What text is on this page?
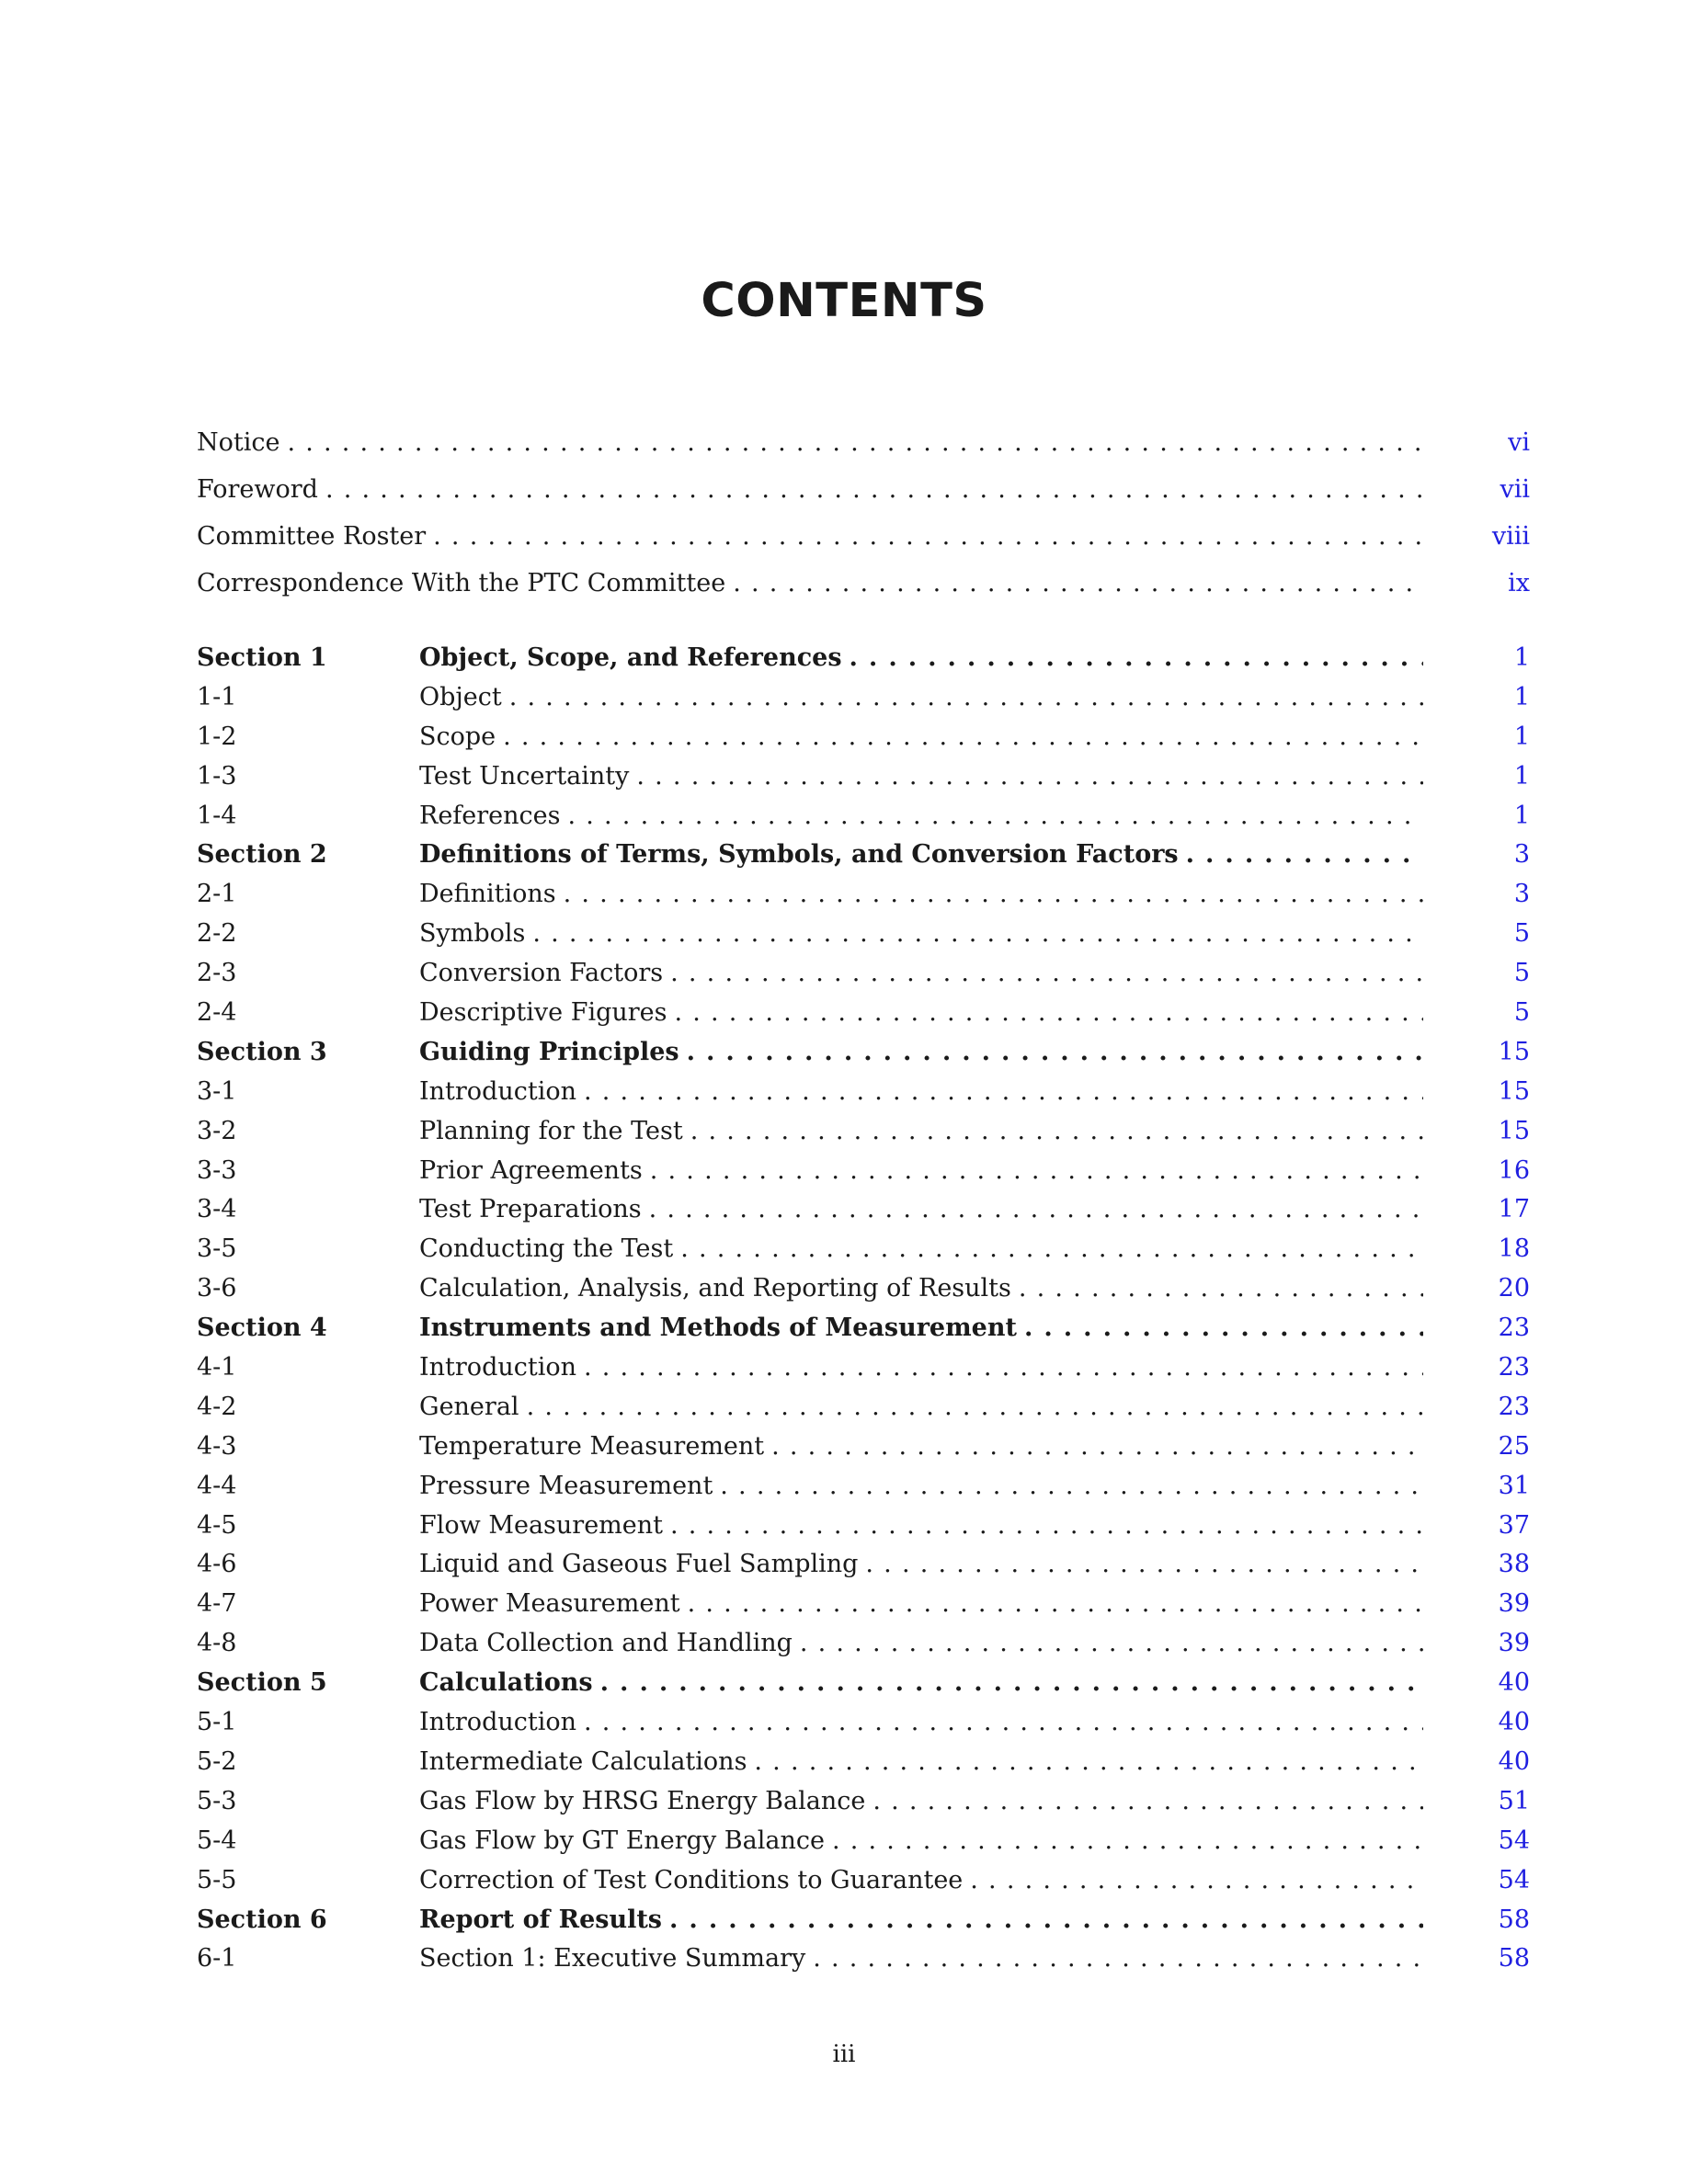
CONTENTS
Notice . . .	vi
Foreword . . .	vii
Committee Roster . . .	viii
Correspondence With the PTC Committee . . .	ix
Section 1	Object, Scope, and References . . .	1
1-1	Object . . .	1
1-2	Scope . . .	1
1-3	Test Uncertainty . . .	1
1-4	References . . .	1
Section 2	Definitions of Terms, Symbols, and Conversion Factors . . .	3
2-1	Definitions . . .	3
2-2	Symbols . . .	5
2-3	Conversion Factors . . .	5
2-4	Descriptive Figures . . .	5
Section 3	Guiding Principles . . .	15
3-1	Introduction . . .	15
3-2	Planning for the Test . . .	15
3-3	Prior Agreements . . .	16
3-4	Test Preparations . . .	17
3-5	Conducting the Test . . .	18
3-6	Calculation, Analysis, and Reporting of Results . . .	20
Section 4	Instruments and Methods of Measurement . . .	23
4-1	Introduction . . .	23
4-2	General . . .	23
4-3	Temperature Measurement . . .	25
4-4	Pressure Measurement . . .	31
4-5	Flow Measurement . . .	37
4-6	Liquid and Gaseous Fuel Sampling . . .	38
4-7	Power Measurement . . .	39
4-8	Data Collection and Handling . . .	39
Section 5	Calculations . . .	40
5-1	Introduction . . .	40
5-2	Intermediate Calculations . . .	40
5-3	Gas Flow by HRSG Energy Balance . . .	51
5-4	Gas Flow by GT Energy Balance . . .	54
5-5	Correction of Test Conditions to Guarantee . . .	54
Section 6	Report of Results . . .	58
6-1	Section 1: Executive Summary . . .	58

iii
